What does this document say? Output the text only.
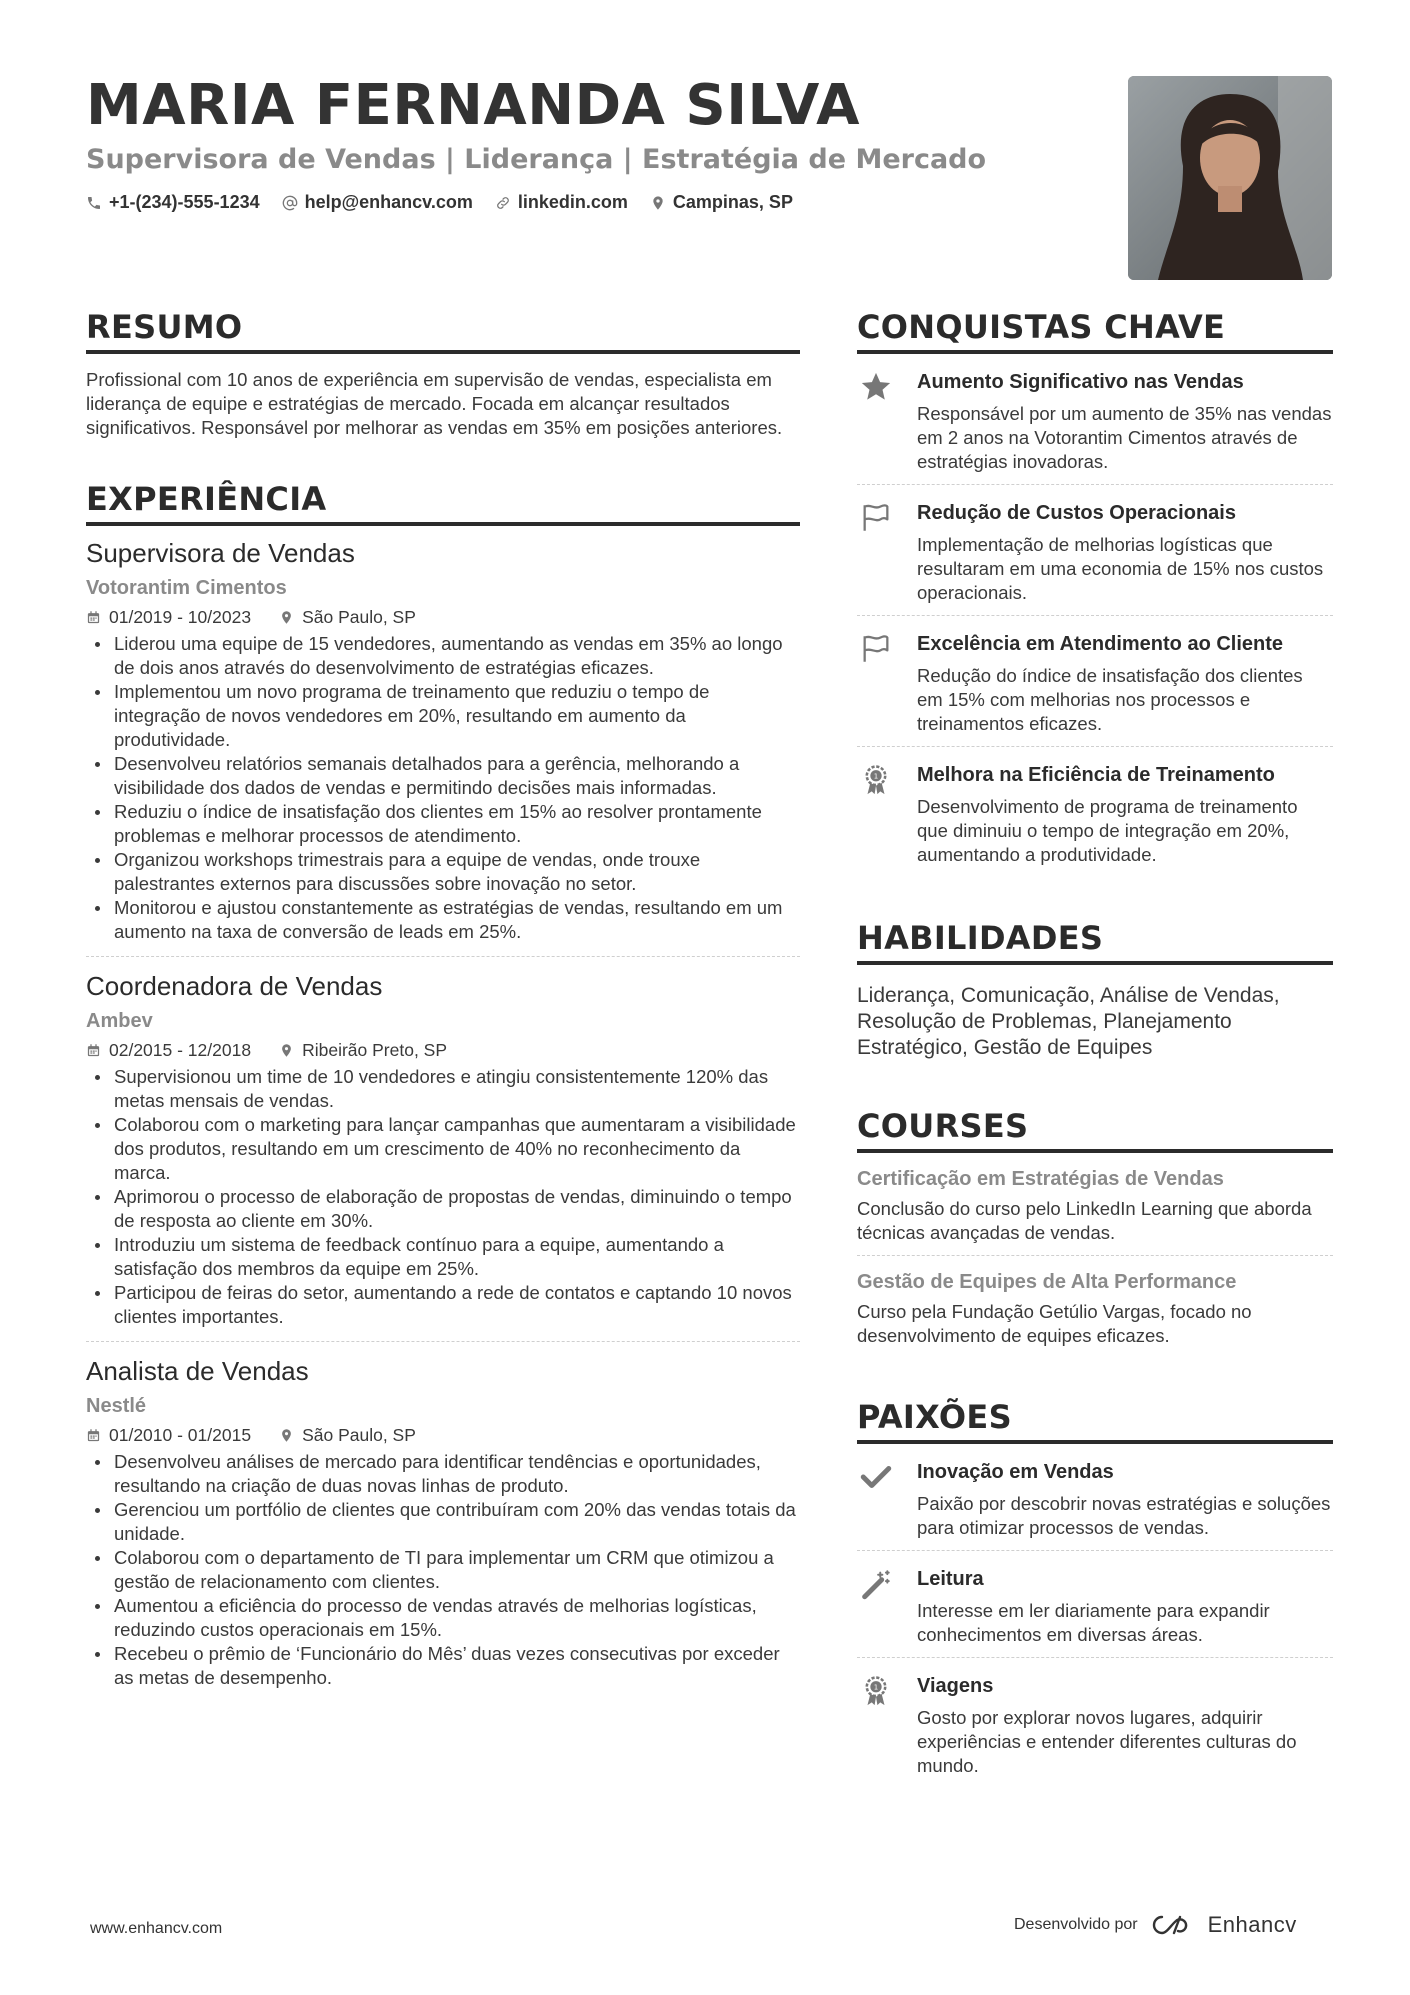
MARIA FERNANDA SILVA
Supervisora de Vendas | Liderança | Estratégia de Mercado
+1-(234)-555-1234	help@enhancv.com	linkedin.com	Campinas, SP
RESUMO
Profissional com 10 anos de experiência em supervisão de vendas, especialista em liderança de equipe e estratégias de mercado. Focada em alcançar resultados significativos. Responsável por melhorar as vendas em 35% em posições anteriores.
EXPERIÊNCIA
Supervisora de Vendas
Votorantim Cimentos
01/2019 - 10/2023	São Paulo, SP
Liderou uma equipe de 15 vendedores, aumentando as vendas em 35% ao longo de dois anos através do desenvolvimento de estratégias eficazes.
Implementou um novo programa de treinamento que reduziu o tempo de integração de novos vendedores em 20%, resultando em aumento da produtividade.
Desenvolveu relatórios semanais detalhados para a gerência, melhorando a visibilidade dos dados de vendas e permitindo decisões mais informadas.
Reduziu o índice de insatisfação dos clientes em 15% ao resolver prontamente problemas e melhorar processos de atendimento.
Organizou workshops trimestrais para a equipe de vendas, onde trouxe palestrantes externos para discussões sobre inovação no setor.
Monitorou e ajustou constantemente as estratégias de vendas, resultando em um aumento na taxa de conversão de leads em 25%.
Coordenadora de Vendas
Ambev
02/2015 - 12/2018	Ribeirão Preto, SP
Supervisionou um time de 10 vendedores e atingiu consistentemente 120% das metas mensais de vendas.
Colaborou com o marketing para lançar campanhas que aumentaram a visibilidade dos produtos, resultando em um crescimento de 40% no reconhecimento da marca.
Aprimorou o processo de elaboração de propostas de vendas, diminuindo o tempo de resposta ao cliente em 30%.
Introduziu um sistema de feedback contínuo para a equipe, aumentando a satisfação dos membros da equipe em 25%.
Participou de feiras do setor, aumentando a rede de contatos e captando 10 novos clientes importantes.
Analista de Vendas
Nestlé
01/2010 - 01/2015	São Paulo, SP
Desenvolveu análises de mercado para identificar tendências e oportunidades, resultando na criação de duas novas linhas de produto.
Gerenciou um portfólio de clientes que contribuíram com 20% das vendas totais da unidade.
Colaborou com o departamento de TI para implementar um CRM que otimizou a gestão de relacionamento com clientes.
Aumentou a eficiência do processo de vendas através de melhorias logísticas, reduzindo custos operacionais em 15%.
Recebeu o prêmio de ‘Funcionário do Mês’ duas vezes consecutivas por exceder as metas de desempenho.
CONQUISTAS CHAVE
Aumento Significativo nas Vendas
Responsável por um aumento de 35% nas vendas em 2 anos na Votorantim Cimentos através de estratégias inovadoras.
Redução de Custos Operacionais
Implementação de melhorias logísticas que resultaram em uma economia de 15% nos custos operacionais.
Excelência em Atendimento ao Cliente
Redução do índice de insatisfação dos clientes em 15% com melhorias nos processos e treinamentos eficazes.
1 Melhora na Eficiência de Treinamento
Desenvolvimento de programa de treinamento que diminuiu o tempo de integração em 20%, aumentando a produtividade.
HABILIDADES
Liderança, Comunicação, Análise de Vendas, Resolução de Problemas, Planejamento Estratégico, Gestão de Equipes
COURSES
Certificação em Estratégias de Vendas
Conclusão do curso pelo LinkedIn Learning que aborda técnicas avançadas de vendas.
Gestão de Equipes de Alta Performance
Curso pela Fundação Getúlio Vargas, focado no desenvolvimento de equipes eficazes.
PAIXÕES
Inovação em Vendas
Paixão por descobrir novas estratégias e soluções para otimizar processos de vendas.
Leitura
Interesse em ler diariamente para expandir conhecimentos em diversas áreas.
1 Viagens
Gosto por explorar novos lugares, adquirir experiências e entender diferentes culturas do mundo.
www.enhancv.com	Desenvolvido por	Enhancv
